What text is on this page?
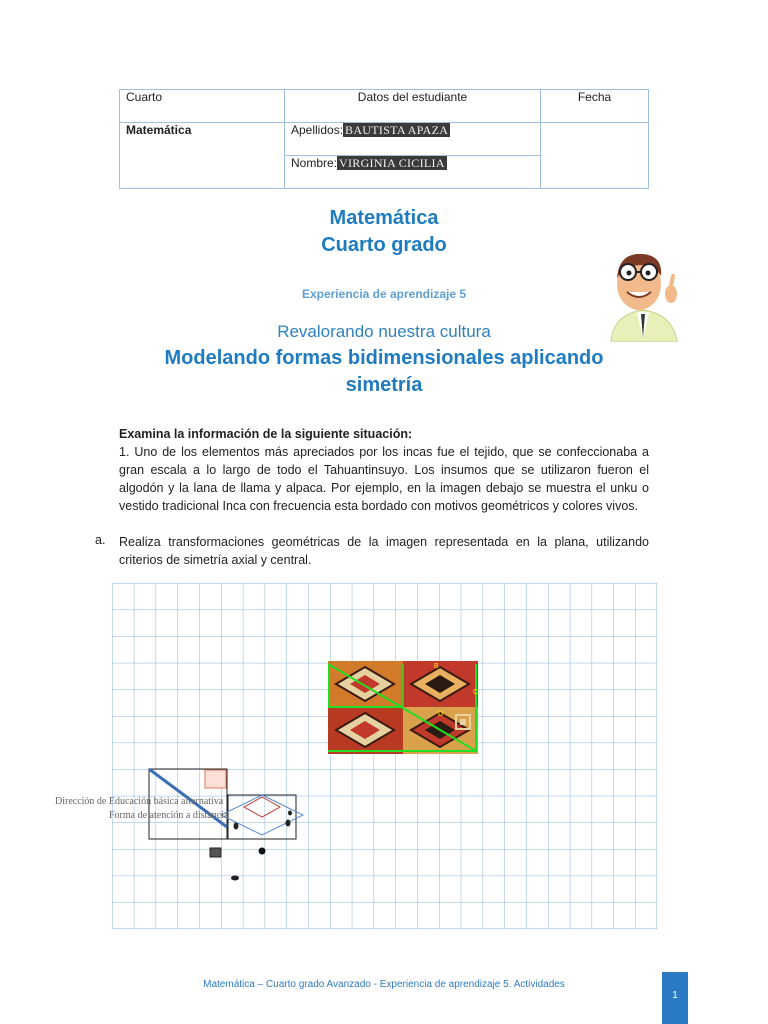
Cuarto	Datos del estudiante	Fecha
Matemática	Apellidos: BAUTISTA APAZA	
	Nombre: VIRGINIA CICILIA	
Matemática
Cuarto grado
Experiencia de aprendizaje 5
Revalorando nuestra cultura
Modelando formas bidimensionales aplicando
simetría
Examina la información de la siguiente situación:
1. Uno de los elementos más apreciados por los incas fue el tejido, que se confeccionaba a gran escala a lo largo de todo el Tahuantinsuyo. Los insumos que se utilizaron fueron el algodón y la lana de llama y alpaca. Por ejemplo, en la imagen debajo se muestra el unku o vestido tradicional Inca con frecuencia esta bordado con motivos geométricos y colores vivos.
a. Realiza transformaciones geométricas de la imagen representada en la plana, utilizando criterios de simetría axial y central.
B
C
D
Dirección de Educación básica alternativa
Forma de atención a distancia
Matemática – Cuarto grado Avanzado - Experiencia de aprendizaje 5. Actividades
1
